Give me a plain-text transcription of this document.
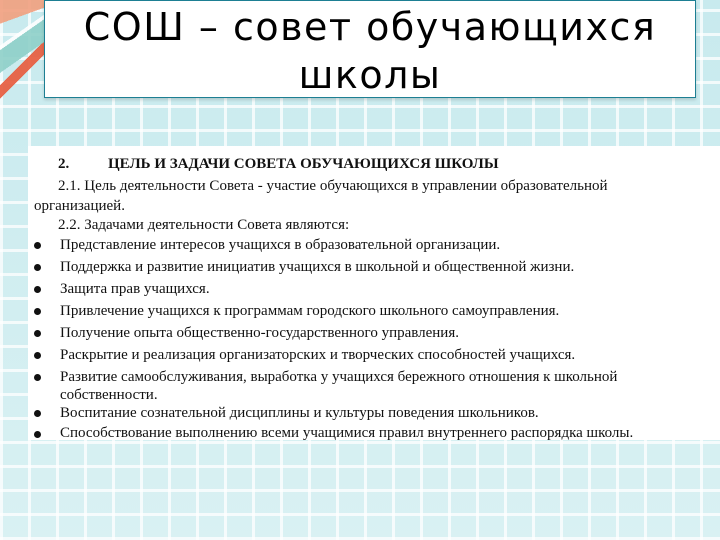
СОШ – совет обучающихся
школы
2.	ЦЕЛЬ И ЗАДАЧИ СОВЕТА ОБУЧАЮЩИХСЯ ШКОЛЫ
2.1. Цель деятельности Совета - участие обучающихся в управлении образовательной
организацией.
2.2. Задачами деятельности Совета являются:
Представление интересов учащихся в образовательной организации.
Поддержка и развитие инициатив учащихся в школьной и общественной жизни.
Защита прав учащихся.
Привлечение учащихся к программам городского школьного самоуправления.
Получение опыта общественно-государственного управления.
Раскрытие и реализация организаторских и творческих способностей учащихся.
Развитие самообслуживания, выработка у учащихся бережного отношения к школьной
собственности.
Воспитание сознательной дисциплины и культуры поведения школьников.
Способствование выполнению всеми учащимися правил внутреннего распорядка школы.
